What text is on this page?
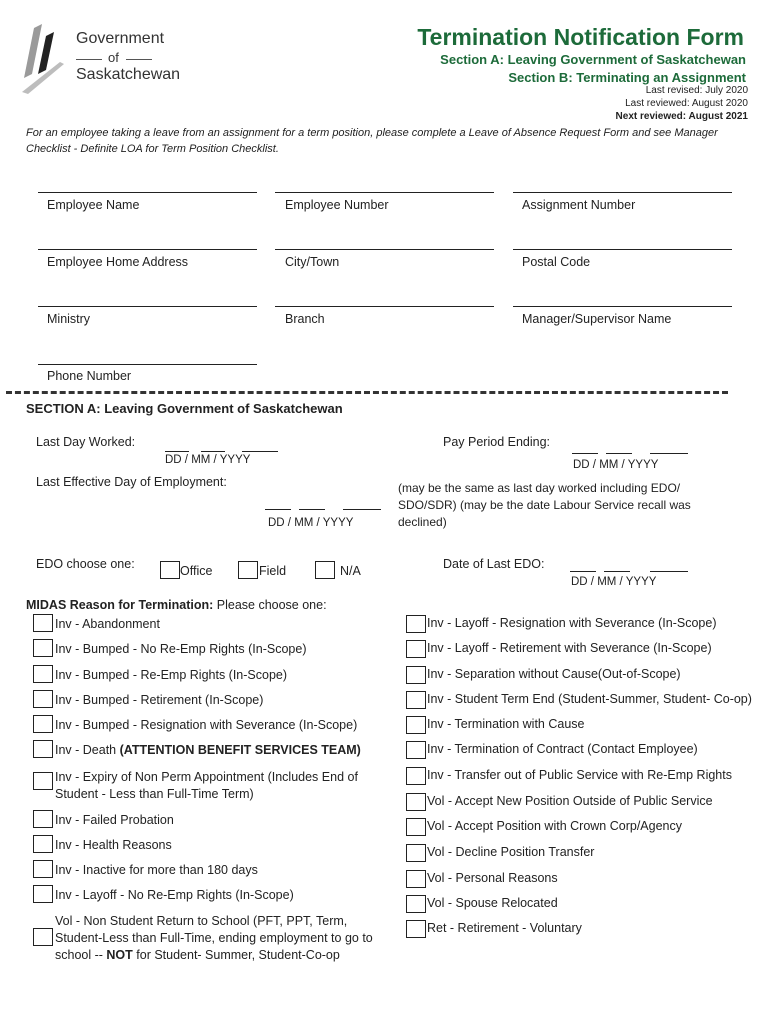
Government
of
Saskatchewan
Termination Notification Form
Section A: Leaving Government of Saskatchewan
Section B: Terminating an Assignment
Last revised: July 2020
Last reviewed: August 2020
Next reviewed: August 2021
For an employee taking a leave from an assignment for a term position, please complete a Leave of Absence Request Form and see Manager Checklist - Definite LOA for Term Position Checklist.
Employee Name	Employee Number	Assignment Number
Employee Home Address	City/Town	Postal Code
Ministry	Branch	Manager/Supervisor Name
Phone Number
SECTION A: Leaving Government of Saskatchewan
Last Day Worked:
DD / MM / YYYY
Pay Period Ending:
DD / MM / YYYY
Last Effective Day of Employment:
DD / MM / YYYY
(may be the same as last day worked including EDO/ SDO/SDR) (may be the date Labour Service recall was declined)
EDO choose one:	Office	Field	N/A	Date of Last EDO:
DD / MM / YYYY
MIDAS Reason for Termination: Please choose one:
Inv - Abandonment
Inv - Bumped - No Re-Emp Rights (In-Scope)
Inv - Bumped - Re-Emp Rights (In-Scope)
Inv - Bumped - Retirement (In-Scope)
Inv - Bumped - Resignation with Severance (In-Scope)
Inv - Death (ATTENTION BENEFIT SERVICES TEAM)
Inv - Expiry of Non Perm Appointment (Includes End of Student - Less than Full-Time Term)
Inv - Failed Probation
Inv - Health Reasons
Inv - Inactive for more than 180 days
Inv - Layoff - No Re-Emp Rights (In-Scope)
Vol - Non Student Return to School (PFT, PPT, Term, Student-Less than Full-Time, ending employment to go to school -- NOT for Student- Summer, Student-Co-op
Inv - Layoff - Resignation with Severance (In-Scope)
Inv - Layoff - Retirement with Severance (In-Scope)
Inv - Separation without Cause(Out-of-Scope)
Inv - Student Term End (Student-Summer, Student- Co-op)
Inv - Termination with Cause
Inv - Termination of Contract (Contact Employee)
Inv - Transfer out of Public Service with Re-Emp Rights
Vol - Accept New Position Outside of Public Service
Vol - Accept Position with Crown Corp/Agency
Vol - Decline Position Transfer
Vol - Personal Reasons
Vol - Spouse Relocated
Ret - Retirement - Voluntary
